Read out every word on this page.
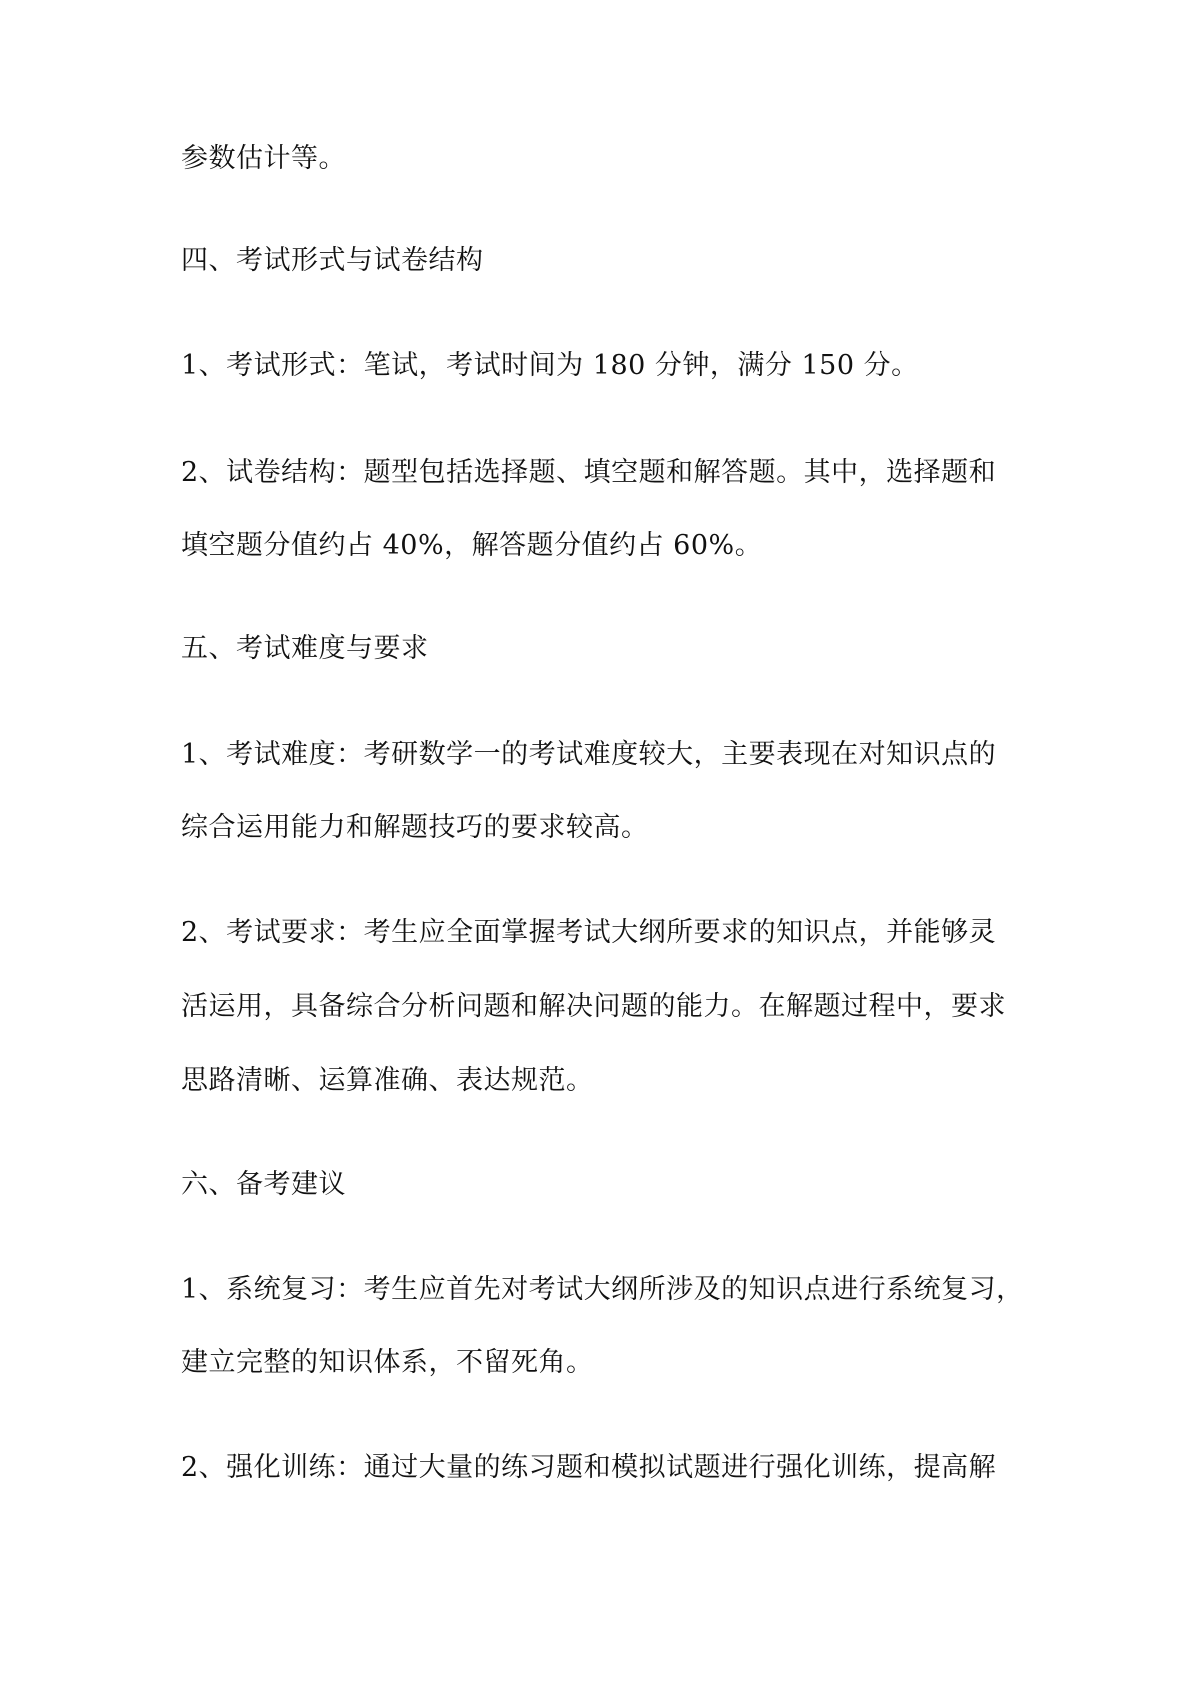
参数估计等。
四、考试形式与试卷结构
1、考试形式：笔试，考试时间为 180 分钟，满分 150 分。
2、试卷结构：题型包括选择题、填空题和解答题。其中，选择题和
填空题分值约占 40%，解答题分值约占 60%。
五、考试难度与要求
1、考试难度：考研数学一的考试难度较大，主要表现在对知识点的
综合运用能力和解题技巧的要求较高。
2、考试要求：考生应全面掌握考试大纲所要求的知识点，并能够灵
活运用，具备综合分析问题和解决问题的能力。在解题过程中，要求
思路清晰、运算准确、表达规范。
六、备考建议
1、系统复习：考生应首先对考试大纲所涉及的知识点进行系统复习，
建立完整的知识体系，不留死角。
2、强化训练：通过大量的练习题和模拟试题进行强化训练，提高解
